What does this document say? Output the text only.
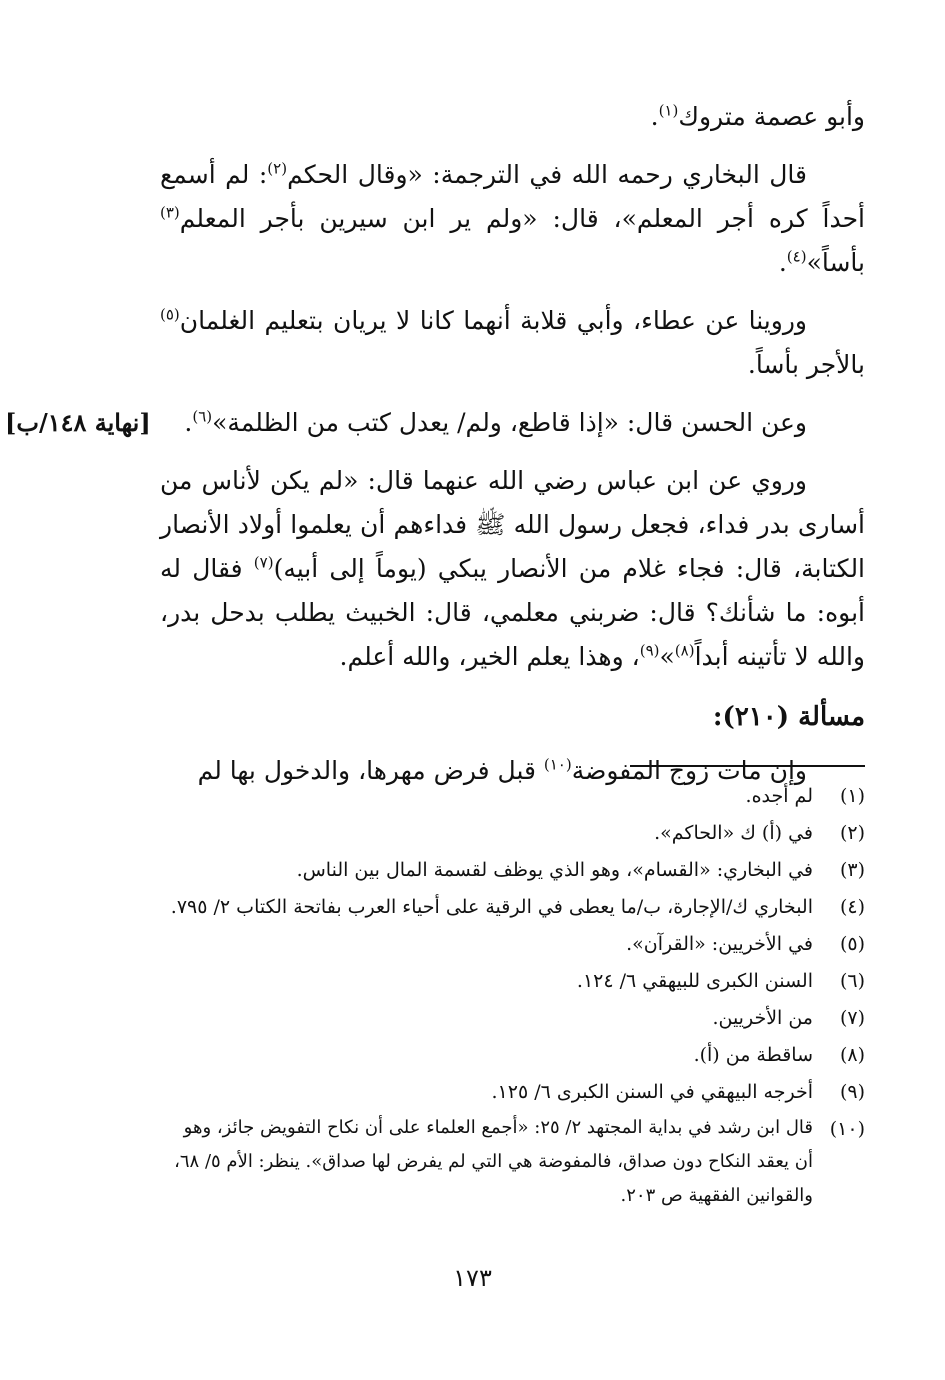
وأبو عصمة متروك$^{(١)}$.

قال البخاري رحمه الله في الترجمة: «وقال الحكم$^{(٢)}$: لم أسمع أحداً كره أجر المعلم»، قال: «ولم ير ابن سيرين بأجر المعلم$^{(٣)}$ بأساً»$^{(٤)}$.

وروينا عن عطاء، وأبي قلابة أنهما كانا لا يريان بتعليم الغلمان$^{(٥)}$ بالأجر بأساً.

وعن الحسن قال: «إذا قاطع، ولم/ يعدل كتب من الظلمة»$^{(٦)}$.
[نهاية ١٤٨/ب]

وروي عن ابن عباس رضي الله عنهما قال: «لم يكن لأناس من أسارى بدر فداء، فجعل رسول الله ﷺ فداءهم أن يعلموا أولاد الأنصار الكتابة، قال: فجاء غلام من الأنصار يبكي (يوماً إلى أبيه)$^{(٧)}$ فقال له أبوه: ما شأنك؟ قال: ضربني معلمي، قال: الخبيث يطلب بدحل بدر، والله لا تأتينه أبداً$^{(٨)}$»$^{(٩)}$، وهذا يعلم الخير، والله أعلم.

مسألة (٢١٠):

وإن مات زوج المفوضة$^{(١٠)}$ قبل فرض مهرها، والدخول بها لم

(١)
لم أجده.
(٢)
في (أ) ك «الحاكم».
(٣)
في البخاري: «القسام»، وهو الذي يوظف لقسمة المال بين الناس.
(٤)
البخاري ك/الإجارة، ب/ما يعطى في الرقية على أحياء العرب بفاتحة الكتاب ٢/ ٧٩٥.
(٥)
في الأخريين: «القرآن».
(٦)
السنن الكبرى للبيهقي ٦/ ١٢٤.
(٧)
من الأخريين.
(٨)
ساقطة من (أ).
(٩)
أخرجه البيهقي في السنن الكبرى ٦/ ١٢٥.
(١٠)
قال ابن رشد في بداية المجتهد ٢/ ٢٥: «أجمع العلماء على أن نكاح التفويض جائز، وهو أن يعقد النكاح دون صداق، فالمفوضة هي التي لم يفرض لها صداق». ينظر: الأم ٥/ ٦٨، والقوانين الفقهية ص ٢٠٣.
١٧٣
